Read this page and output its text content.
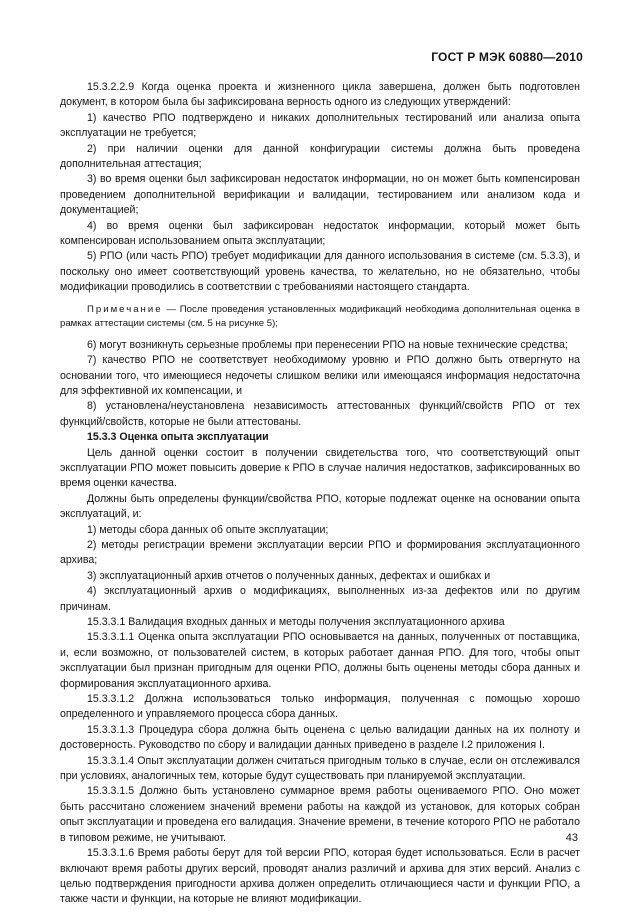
ГОСТ Р МЭК 60880—2010

15.3.2.2.9 Когда оценка проекта и жизненного цикла завершена, должен быть подготовлен документ, в котором была бы зафиксирована верность одного из следующих утверждений:

1) качество РПО подтверждено и никаких дополнительных тестирований или анализа опыта эксплуатации не требуется;

2) при наличии оценки для данной конфигурации системы должна быть проведена дополнительная аттестация;

3) во время оценки был зафиксирован недостаток информации, но он может быть компенсирован проведением дополнительной верификации и валидации, тестированием или анализом кода и документацией;

4) во время оценки был зафиксирован недостаток информации, который может быть компенсирован использованием опыта эксплуатации;

5) РПО (или часть РПО) требует модификации для данного использования в системе (см. 5.3.3), и поскольку оно имеет соответствующий уровень качества, то желательно, но не обязательно, чтобы модификации проводились в соответствии с требованиями настоящего стандарта.

Примечание — После проведения установленных модификаций необходима дополнительная оценка в рамках аттестации системы (см. 5 на рисунке 5);

6) могут возникнуть серьезные проблемы при перенесении РПО на новые технические средства;

7) качество РПО не соответствует необходимому уровню и РПО должно быть отвергнуто на основании того, что имеющиеся недочеты слишком велики или имеющаяся информация недостаточна для эффективной их компенсации, и

8) установлена/неустановлена независимость аттестованных функций/свойств РПО от тех функций/свойств, которые не были аттестованы.

15.3.3 Оценка опыта эксплуатации

Цель данной оценки состоит в получении свидетельства того, что соответствующий опыт эксплуатации РПО может повысить доверие к РПО в случае наличия недостатков, зафиксированных во время оценки качества.

Должны быть определены функции/свойства РПО, которые подлежат оценке на основании опыта эксплуатаций, и:

1) методы сбора данных об опыте эксплуатации;

2) методы регистрации времени эксплуатации версии РПО и формирования эксплуатационного архива;

3) эксплуатационный архив отчетов о полученных данных, дефектах и ошибках и

4) эксплуатационный архив о модификациях, выполненных из-за дефектов или по другим причинам.

15.3.3.1 Валидация входных данных и методы получения эксплуатационного архива

15.3.3.1.1 Оценка опыта эксплуатации РПО основывается на данных, полученных от поставщика, и, если возможно, от пользователей систем, в которых работает данная РПО. Для того, чтобы опыт эксплуатации был признан пригодным для оценки РПО, должны быть оценены методы сбора данных и формирования эксплуатационного архива.

15.3.3.1.2 Должна использоваться только информация, полученная с помощью хорошо определенного и управляемого процесса сбора данных.

15.3.3.1.3 Процедура сбора должна быть оценена с целью валидации данных на их полноту и достоверность. Руководство по сбору и валидации данных приведено в разделе I.2 приложения I.

15.3.3.1.4 Опыт эксплуатации должен считаться пригодным только в случае, если он отслеживался при условиях, аналогичных тем, которые будут существовать при планируемой эксплуатации.

15.3.3.1.5 Должно быть установлено суммарное время работы оцениваемого РПО. Оно может быть рассчитано сложением значений времени работы на каждой из установок, для которых собран опыт эксплуатации и проведена его валидация. Значение времени, в течение которого РПО не работало в типовом режиме, не учитывают.

15.3.3.1.6 Время работы берут для той версии РПО, которая будет использоваться. Если в расчет включают время работы других версий, проводят анализ различий и архива для этих версий. Анализ с целью подтверждения пригодности архива должен определить отличающиеся части и функции РПО, а также части и функции, на которые не влияют модификации.

43
